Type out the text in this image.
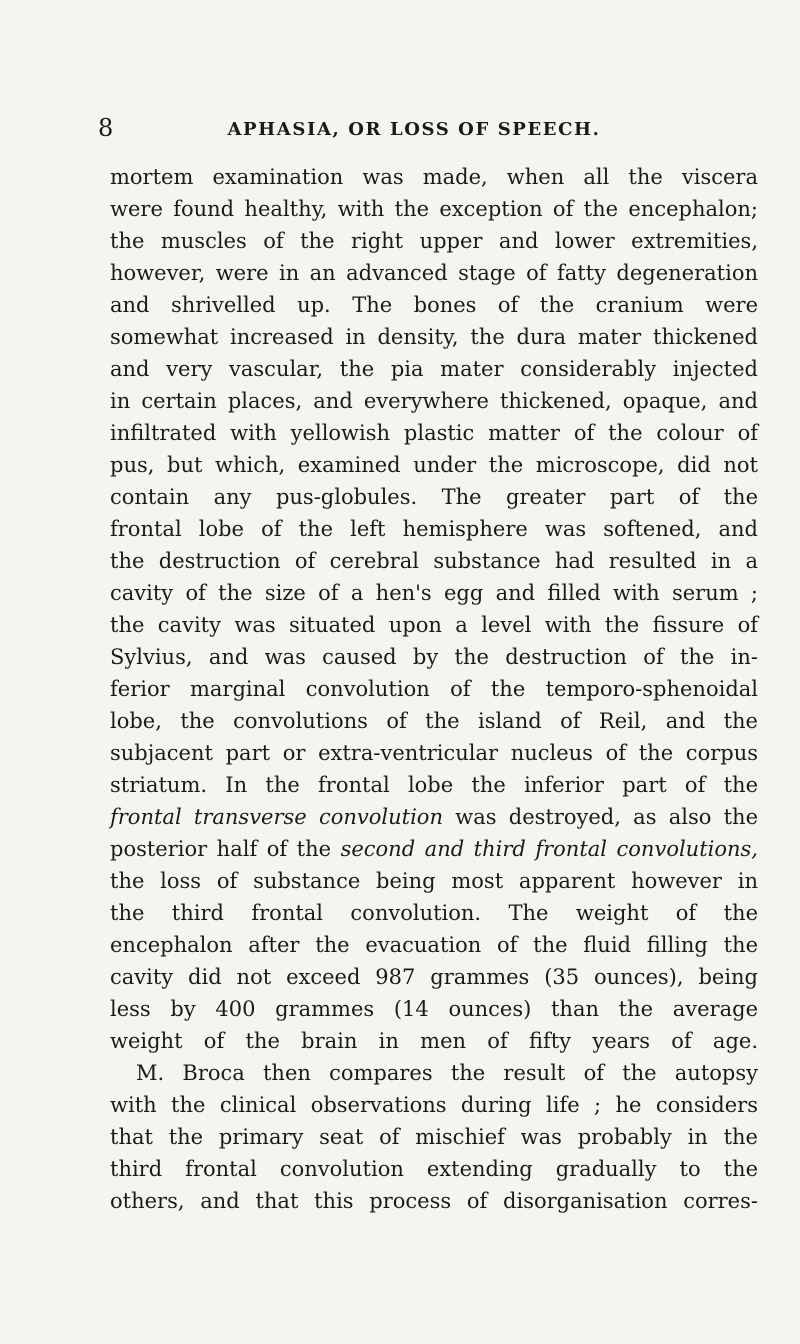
8	APHASIA, OR LOSS OF SPEECH.
mortem examination was made, when all the viscera
were found healthy, with the exception of the encephalon;
the muscles of the right upper and lower extremities,
however, were in an advanced stage of fatty degeneration
and shrivelled up. The bones of the cranium were
somewhat increased in density, the dura mater thickened
and very vascular, the pia mater considerably injected
in certain places, and everywhere thickened, opaque, and
infiltrated with yellowish plastic matter of the colour of
pus, but which, examined under the microscope, did not
contain any pus-globules. The greater part of the
frontal lobe of the left hemisphere was softened, and
the destruction of cerebral substance had resulted in a
cavity of the size of a hen's egg and filled with serum ;
the cavity was situated upon a level with the fissure of
Sylvius, and was caused by the destruction of the in-
ferior marginal convolution of the temporo-sphenoidal
lobe, the convolutions of the island of Reil, and the
subjacent part or extra-ventricular nucleus of the corpus
striatum. In the frontal lobe the inferior part of the
frontal transverse convolution was destroyed, as also the
posterior half of the second and third frontal convolutions,
the loss of substance being most apparent however in
the third frontal convolution. The weight of the
encephalon after the evacuation of the fluid filling the
cavity did not exceed 987 grammes (35 ounces), being
less by 400 grammes (14 ounces) than the average
weight of the brain in men of fifty years of age.
M. Broca then compares the result of the autopsy
with the clinical observations during life ; he considers
that the primary seat of mischief was probably in the
third frontal convolution extending gradually to the
others, and that this process of disorganisation corres-
